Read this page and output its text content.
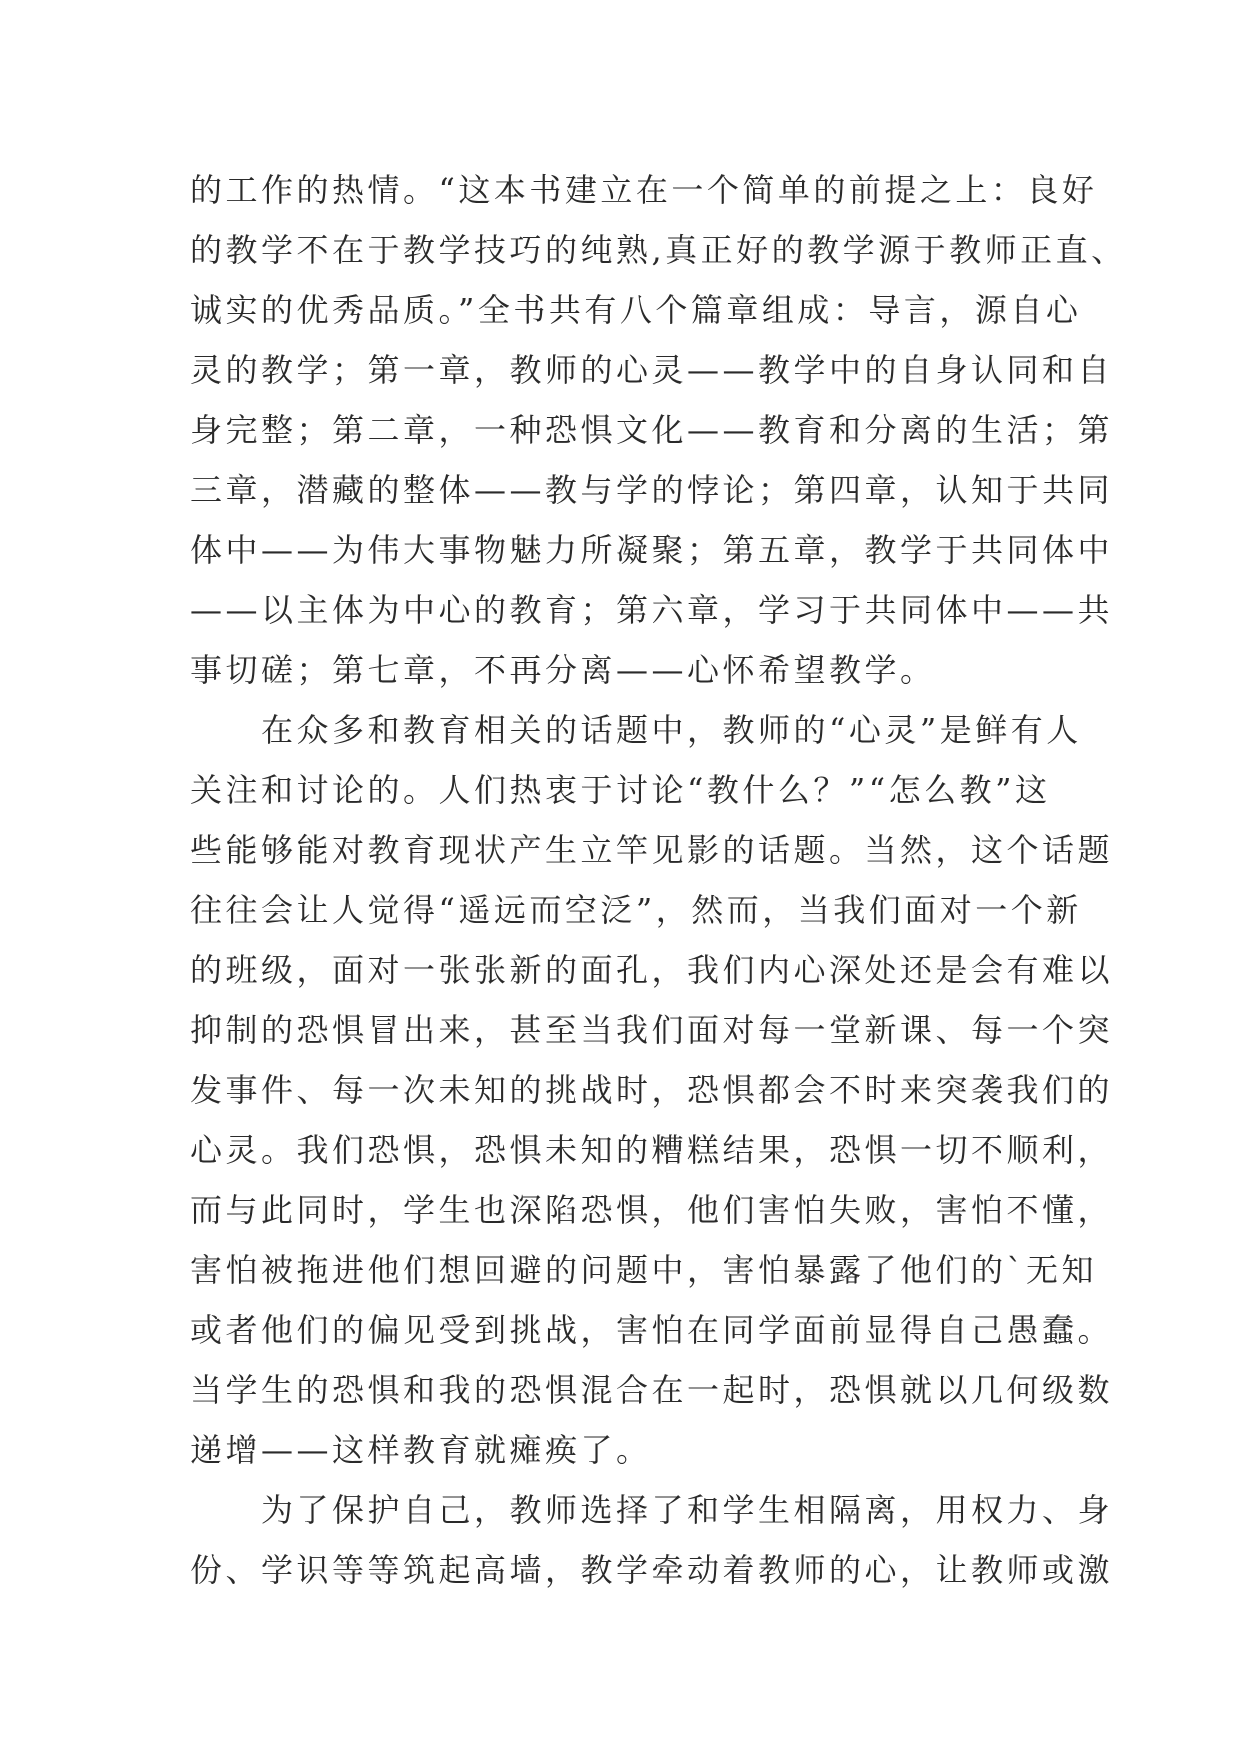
的工作的热情。“这本书建立在一个简单的前提之上：良好
的教学不在于教学技巧的纯熟,真正好的教学源于教师正直、
诚实的优秀品质。”全书共有八个篇章组成：导言，源自心
灵的教学；第一章，教师的心灵——教学中的自身认同和自
身完整；第二章，一种恐惧文化——教育和分离的生活；第
三章，潜藏的整体——教与学的悖论；第四章，认知于共同
体中——为伟大事物魅力所凝聚；第五章，教学于共同体中
——以主体为中心的教育；第六章，学习于共同体中——共
事切磋；第七章，不再分离——心怀希望教学。
　　在众多和教育相关的话题中，教师的“心灵”是鲜有人
关注和讨论的。人们热衷于讨论“教什么？”“怎么教”这
些能够能对教育现状产生立竿见影的话题。当然，这个话题
往往会让人觉得“遥远而空泛”，然而，当我们面对一个新
的班级，面对一张张新的面孔，我们内心深处还是会有难以
抑制的恐惧冒出来，甚至当我们面对每一堂新课、每一个突
发事件、每一次未知的挑战时，恐惧都会不时来突袭我们的
心灵。我们恐惧，恐惧未知的糟糕结果，恐惧一切不顺利，
而与此同时，学生也深陷恐惧，他们害怕失败，害怕不懂，
害怕被拖进他们想回避的问题中，害怕暴露了他们的`无知
或者他们的偏见受到挑战，害怕在同学面前显得自己愚蠢。
当学生的恐惧和我的恐惧混合在一起时，恐惧就以几何级数
递增——这样教育就瘫痪了。
　　为了保护自己，教师选择了和学生相隔离，用权力、身
份、学识等等筑起高墙，教学牵动着教师的心，让教师或激
